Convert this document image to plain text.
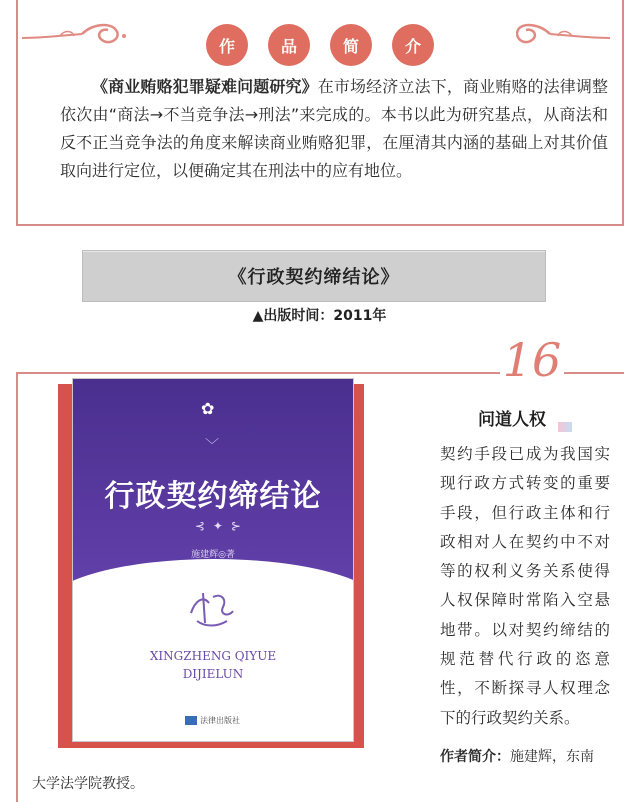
作	品	简	介

《商业贿赂犯罪疑难问题研究》在市场经济立法下，商业贿赂的法律调整依次由“商法→不当竞争法→刑法”来完成的。本书以此为研究基点，从商法和反不正当竞争法的角度来解读商业贿赂犯罪，在厘清其内涵的基础上对其价值取向进行定位，以便确定其在刑法中的应有地位。

《行政契约缔结论》
▲出版时间：2011年
16
✿
﹀
行政契约缔结论
⊰ ✦ ⊱
施建辉◎著
XINGZHENG QIYUE
DIJIELUN
法律出版社
问道人权

契约手段已成为我国实现行政方式转变的重要手段，但行政主体和行政相对人在契约中不对等的权利义务关系使得人权保障时常陷入空悬地带。以对契约缔结的规范替代行政的恣意性，不断探寻人权理念下的行政契约关系。

作者简介：施建辉，东南
大学法学院教授。
